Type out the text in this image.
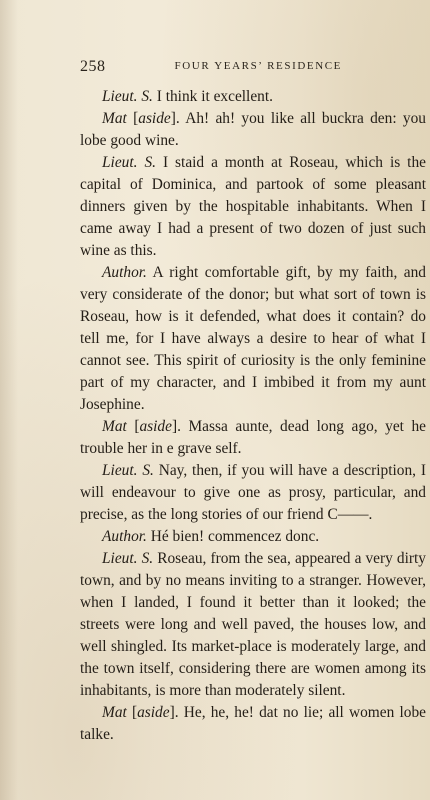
258	FOUR YEARS’ RESIDENCE

Lieut. S. I think it excellent.

Mat [aside]. Ah! ah! you like all buckra den: you lobe good wine.

Lieut. S. I staid a month at Roseau, which is the capital of Dominica, and partook of some pleasant dinners given by the hospitable inhabitants. When I came away I had a present of two dozen of just such wine as this.

Author. A right comfortable gift, by my faith, and very considerate of the donor; but what sort of town is Roseau, how is it defended, what does it contain? do tell me, for I have always a desire to hear of what I cannot see. This spirit of curiosity is the only feminine part of my character, and I imbibed it from my aunt Josephine.

Mat [aside]. Massa aunte, dead long ago, yet he trouble her in e grave self.

Lieut. S. Nay, then, if you will have a description, I will endeavour to give one as prosy, particular, and precise, as the long stories of our friend C——.

Author. Hé bien! commencez donc.

Lieut. S. Roseau, from the sea, appeared a very dirty town, and by no means inviting to a stranger. However, when I landed, I found it better than it looked; the streets were long and well paved, the houses low, and well shingled. Its market-place is moderately large, and the town itself, considering there are women among its inhabitants, is more than moderately silent.

Mat [aside]. He, he, he! dat no lie; all women lobe talke.
